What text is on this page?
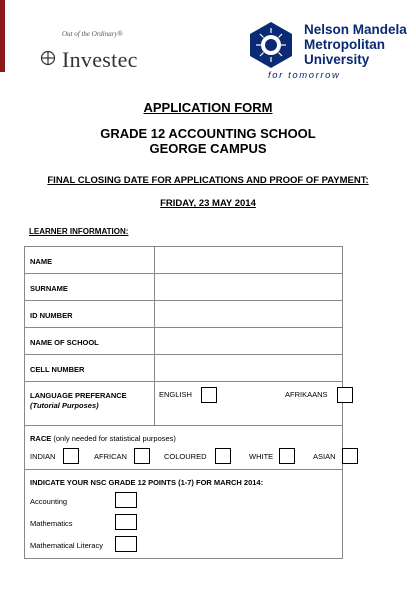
Out of the Ordinary®
Investec
Nelson Mandela
Metropolitan
University
for tomorrow
APPLICATION FORM
GRADE 12 ACCOUNTING SCHOOL
GEORGE CAMPUS
FINAL CLOSING DATE FOR APPLICATIONS AND PROOF OF PAYMENT:
FRIDAY, 23 MAY 2014
LEARNER INFORMATION:
NAME
SURNAME
ID NUMBER
NAME OF SCHOOL
CELL NUMBER
LANGUAGE PREFERANCE
(Tutorial Purposes)
ENGLISH	AFRIKAANS
RACE (only needed for statistical purposes)
INDIAN	AFRICAN	COLOURED	WHITE	ASIAN
INDICATE YOUR NSC GRADE 12 POINTS (1-7) FOR MARCH 2014:
Accounting
Mathematics
Mathematical Literacy
